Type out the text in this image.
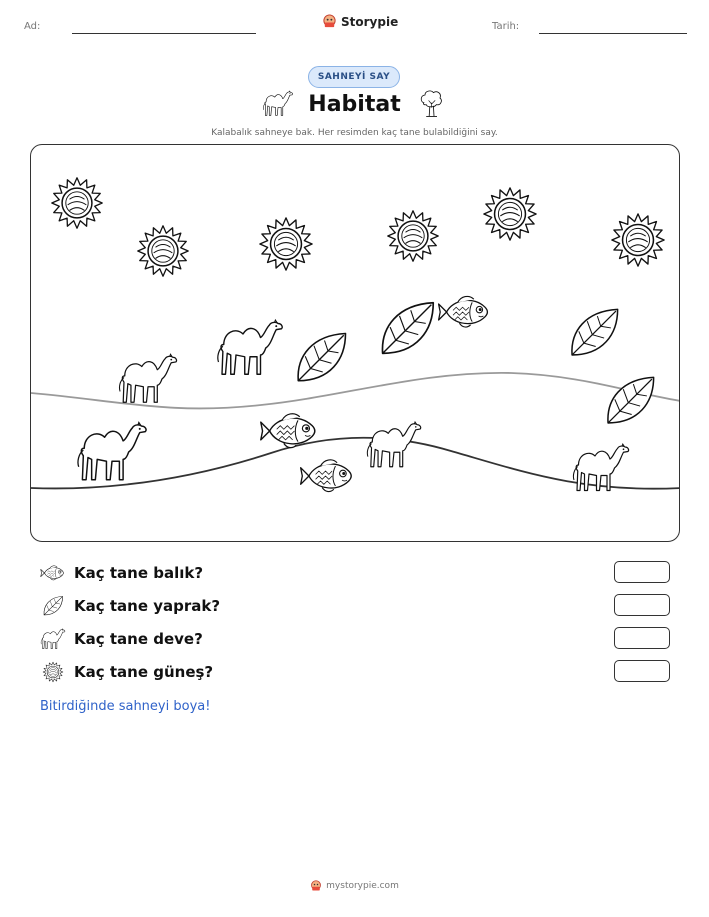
Ad:	Storypie	Tarih:
SAHNEYİ SAY
Habitat
Kalabalık sahneye bak. Her resimden kaç tane bulabildiğini say.
Kaç tane balık?
Kaç tane yaprak?
Kaç tane deve?
Kaç tane güneş?
Bitirdiğinde sahneyi boya!
mystorypie.com
